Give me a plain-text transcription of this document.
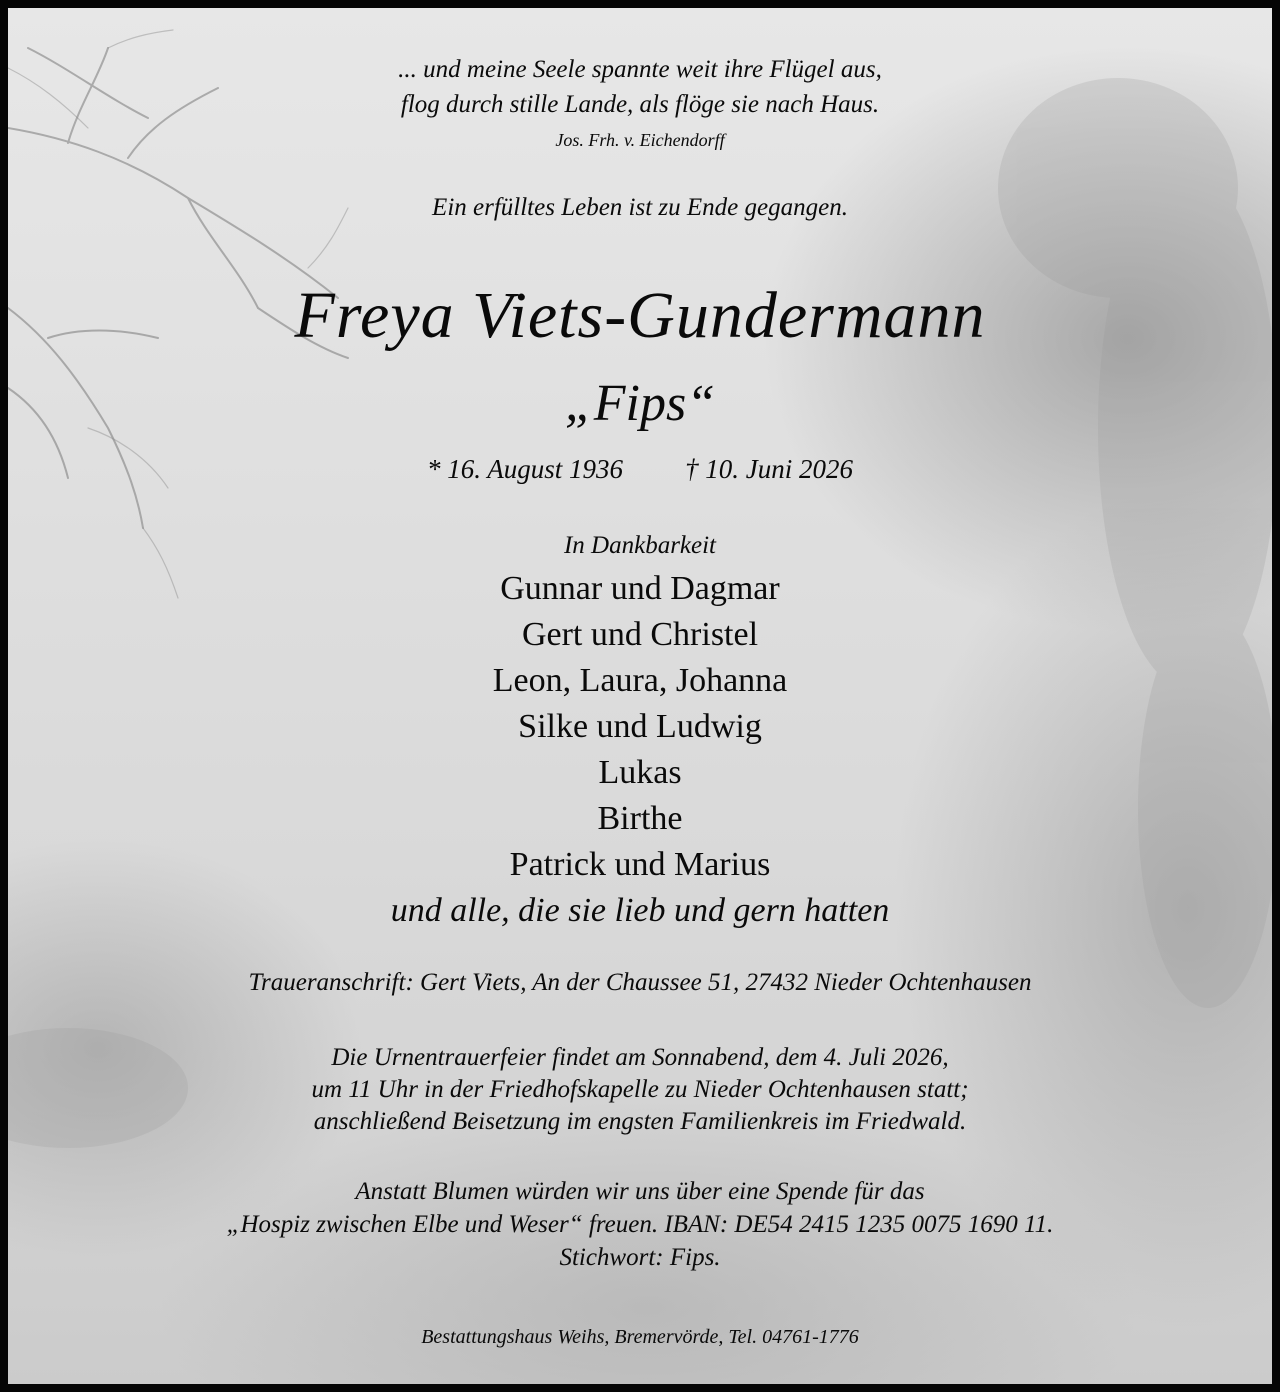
... und meine Seele spannte weit ihre Flügel aus,

flog durch stille Lande, als flöge sie nach Haus.

Jos. Frh. v. Eichendorff

Ein erfülltes Leben ist zu Ende gegangen.

Freya Viets-Gundermann

„Fips“

* 16. August 1936 † 10. Juni 2026

In Dankbarkeit

Gunnar und Dagmar

Gert und Christel

Leon, Laura, Johanna

Silke und Ludwig

Lukas

Birthe

Patrick und Marius

und alle, die sie lieb und gern hatten

Traueranschrift: Gert Viets, An der Chaussee 51, 27432 Nieder Ochtenhausen

Die Urnentrauerfeier findet am Sonnabend, dem 4. Juli 2026,

um 11 Uhr in der Friedhofskapelle zu Nieder Ochtenhausen statt;

anschließend Beisetzung im engsten Familienkreis im Friedwald.

Anstatt Blumen würden wir uns über eine Spende für das

„Hospiz zwischen Elbe und Weser“ freuen. IBAN: DE54 2415 1235 0075 1690 11.

Stichwort: Fips.

Bestattungshaus Weihs, Bremervörde, Tel. 04761-1776
